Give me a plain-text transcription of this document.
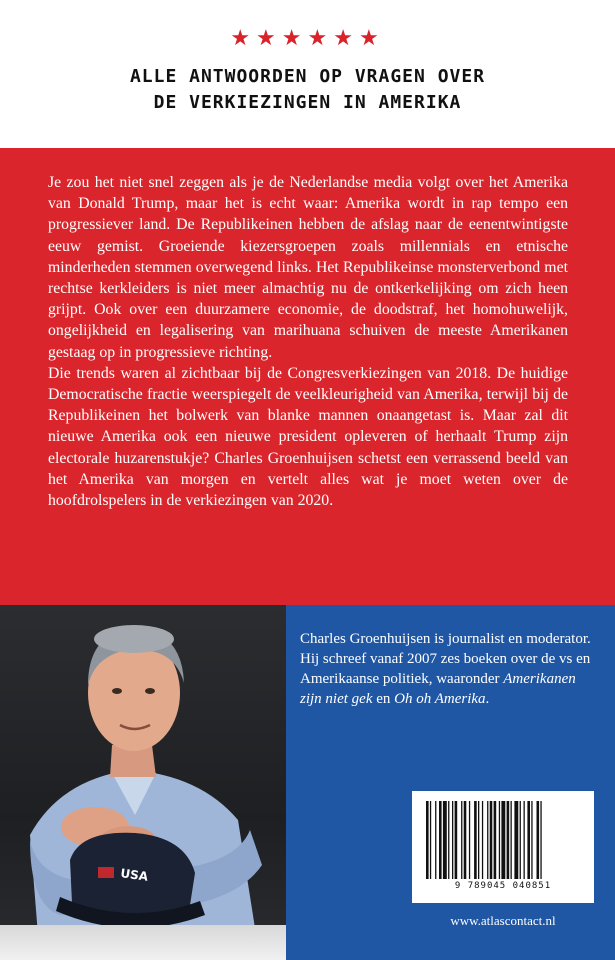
★★★★★★
ALLE ANTWOORDEN OP VRAGEN OVER
DE VERKIEZINGEN IN AMERIKA

Je zou het niet snel zeggen als je de Nederlandse media volgt over het Amerika van Donald Trump, maar het is echt waar: Amerika wordt in rap tempo een progressiever land. De Republikeinen hebben de afslag naar de eenentwintigste eeuw gemist. Groeiende kiezersgroepen zoals millennials en etnische minderheden stemmen overwegend links. Het Republikeinse monsterverbond met rechtse kerkleiders is niet meer almachtig nu de ontkerkelijking om zich heen grijpt. Ook over een duurzamere economie, de doodstraf, het homohuwelijk, ongelijkheid en legalisering van marihuana schuiven de meeste Amerikanen gestaag op in progressieve richting.

Die trends waren al zichtbaar bij de Congresverkiezingen van 2018. De huidige Democratische fractie weerspiegelt de veelkleurigheid van Amerika, terwijl bij de Republikeinen het bolwerk van blanke mannen onaangetast is. Maar zal dit nieuwe Amerika ook een nieuwe president opleveren of herhaalt Trump zijn electorale huzarenstukje? Charles Groenhuijsen schetst een verrassend beeld van het Amerika van morgen en vertelt alles wat je moet weten over de hoofdrolspelers in de verkiezingen van 2020.

USA
Charles Groenhuijsen is journalist en moderator. Hij schreef vanaf 2007 zes boeken over de vs en Amerikaanse politiek, waaronder Amerikanen zijn niet gek en Oh oh Amerika.
9 789045 040851
www.atlascontact.nl
